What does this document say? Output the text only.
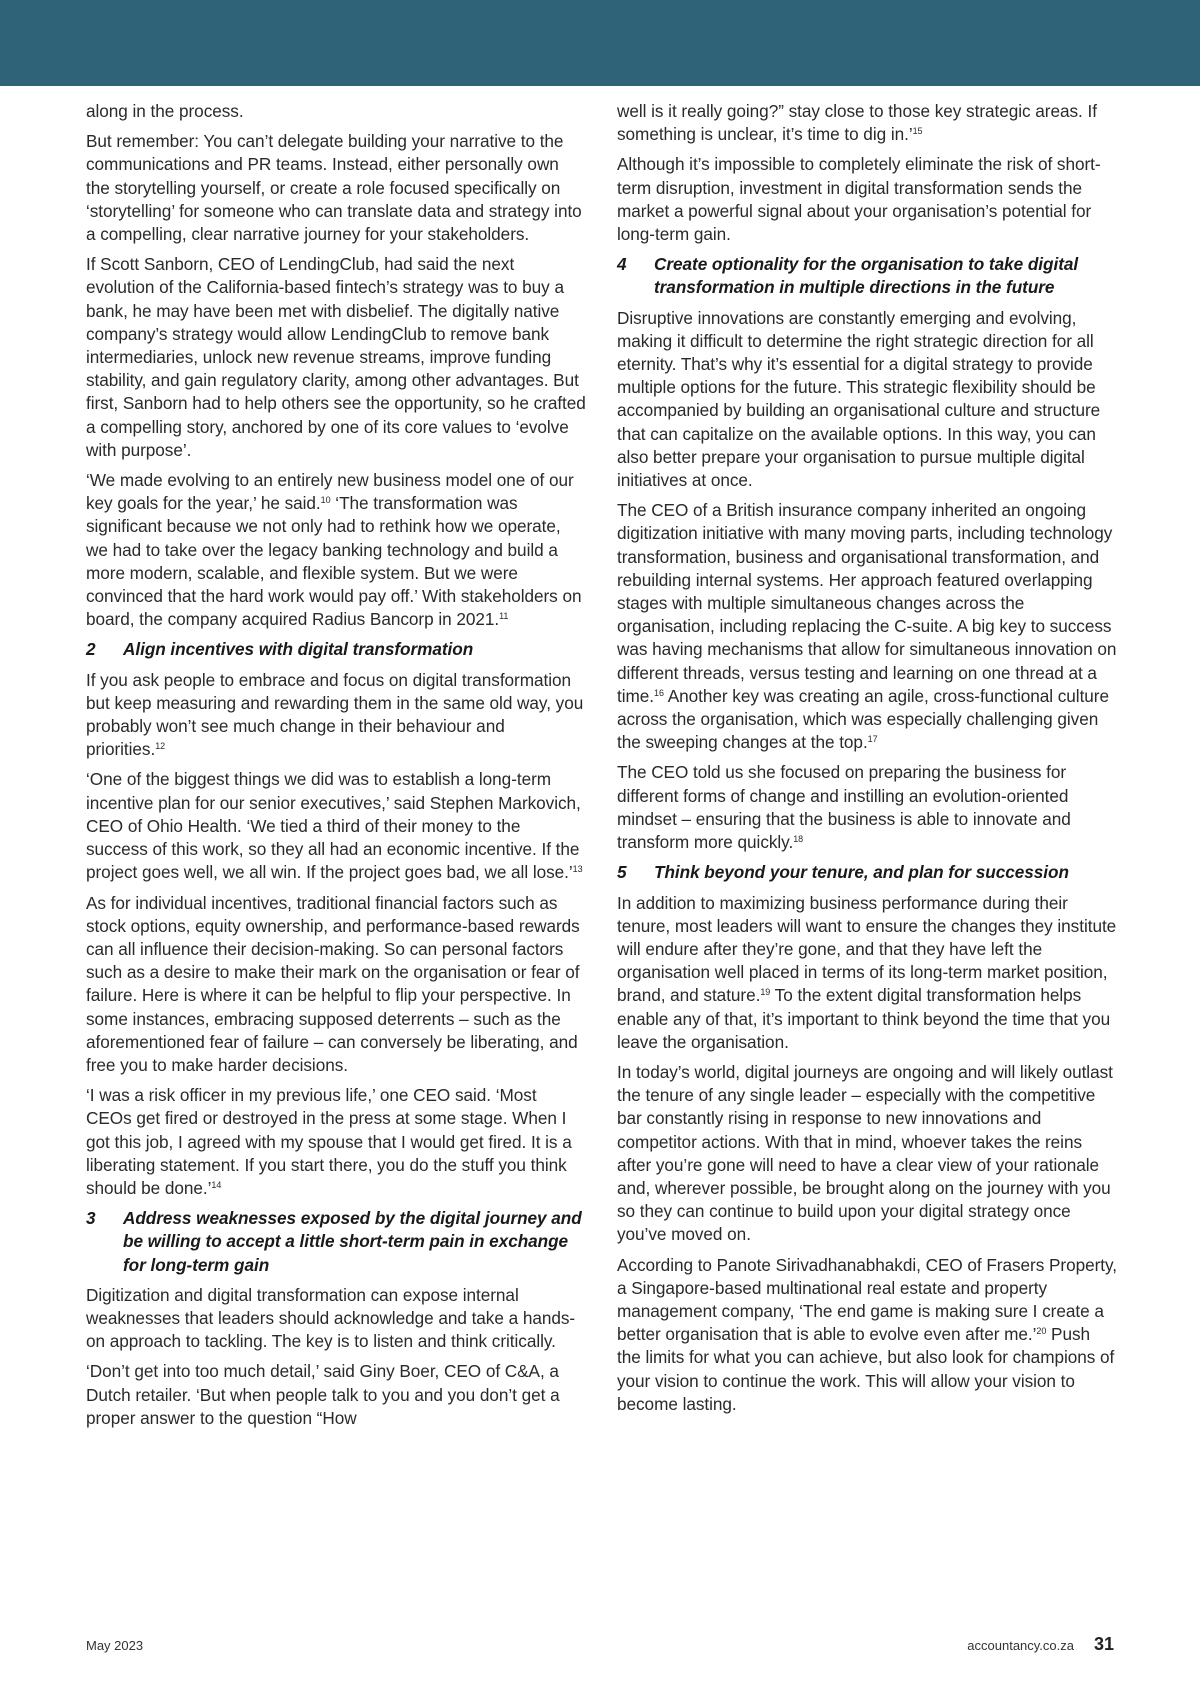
along in the process.

But remember: You can’t delegate building your narrative to the communications and PR teams. Instead, either personally own the storytelling yourself, or create a role focused specifically on ‘storytelling’ for someone who can translate data and strategy into a compelling, clear narrative journey for your stakeholders.

If Scott Sanborn, CEO of LendingClub, had said the next evolution of the California-based fintech’s strategy was to buy a bank, he may have been met with disbelief. The digitally native company’s strategy would allow LendingClub to remove bank intermediaries, unlock new revenue streams, improve funding stability, and gain regulatory clarity, among other advantages. But first, Sanborn had to help others see the opportunity, so he crafted a compelling story, anchored by one of its core values to ‘evolve with purpose’.

‘We made evolving to an entirely new business model one of our key goals for the year,’ he said.$^{10}$ ‘The transformation was significant because we not only had to rethink how we operate, we had to take over the legacy banking technology and build a more modern, scalable, and flexible system. But we were convinced that the hard work would pay off.’ With stakeholders on board, the company acquired Radius Bancorp in 2021.11

2	Align incentives with digital transformation

If you ask people to embrace and focus on digital transformation but keep measuring and rewarding them in the same old way, you probably won’t see much change in their behaviour and priorities.$^{12}$

‘One of the biggest things we did was to establish a long-term incentive plan for our senior executives,’ said Stephen Markovich, CEO of Ohio Health. ‘We tied a third of their money to the success of this work, so they all had an economic incentive. If the project goes well, we all win. If the project goes bad, we all lose.’$^{13}$

As for individual incentives, traditional financial factors such as stock options, equity ownership, and performance-based rewards can all influence their decision-making. So can personal factors such as a desire to make their mark on the organisation or fear of failure. Here is where it can be helpful to flip your perspective. In some instances, embracing supposed deterrents – such as the aforementioned fear of failure – can conversely be liberating, and free you to make harder decisions.

‘I was a risk officer in my previous life,’ one CEO said. ‘Most CEOs get fired or destroyed in the press at some stage. When I got this job, I agreed with my spouse that I would get fired. It is a liberating statement. If you start there, you do the stuff you think should be done.’$^{14}$

3	Address weaknesses exposed by the digital journey and be willing to accept a little short-term pain in exchange for long-term gain

Digitization and digital transformation can expose internal weaknesses that leaders should acknowledge and take a hands-on approach to tackling. The key is to listen and think critically.

‘Don’t get into too much detail,’ said Giny Boer, CEO of C&A, a Dutch retailer. ‘But when people talk to you and you don’t get a proper answer to the question “How

well is it really going?” stay close to those key strategic areas. If something is unclear, it’s time to dig in.’$^{15}$

Although it’s impossible to completely eliminate the risk of short-term disruption, investment in digital transformation sends the market a powerful signal about your organisation’s potential for long-term gain.

4	Create optionality for the organisation to take digital transformation in multiple directions in the future

Disruptive innovations are constantly emerging and evolving, making it difficult to determine the right strategic direction for all eternity. That’s why it’s essential for a digital strategy to provide multiple options for the future. This strategic flexibility should be accompanied by building an organisational culture and structure that can capitalize on the available options. In this way, you can also better prepare your organisation to pursue multiple digital initiatives at once.

The CEO of a British insurance company inherited an ongoing digitization initiative with many moving parts, including technology transformation, business and organisational transformation, and rebuilding internal systems. Her approach featured overlapping stages with multiple simultaneous changes across the organisation, including replacing the C-suite. A big key to success was having mechanisms that allow for simultaneous innovation on different threads, versus testing and learning on one thread at a time.$^{16}$ Another key was creating an agile, cross-functional culture across the organisation, which was especially challenging given the sweeping changes at the top.$^{17}$

The CEO told us she focused on preparing the business for different forms of change and instilling an evolution-oriented mindset – ensuring that the business is able to innovate and transform more quickly.$^{18}$

5	Think beyond your tenure, and plan for succession

In addition to maximizing business performance during their tenure, most leaders will want to ensure the changes they institute will endure after they’re gone, and that they have left the organisation well placed in terms of its long-term market position, brand, and stature.$^{19}$ To the extent digital transformation helps enable any of that, it’s important to think beyond the time that you leave the organisation.

In today’s world, digital journeys are ongoing and will likely outlast the tenure of any single leader – especially with the competitive bar constantly rising in response to new innovations and competitor actions. With that in mind, whoever takes the reins after you’re gone will need to have a clear view of your rationale and, wherever possible, be brought along on the journey with you so they can continue to build upon your digital strategy once you’ve moved on.

According to Panote Sirivadhanabhakdi, CEO of Frasers Property, a Singapore-based multinational real estate and property management company, ‘The end game is making sure I create a better organisation that is able to evolve even after me.’$^{20}$ Push the limits for what you can achieve, but also look for champions of your vision to continue the work. This will allow your vision to become lasting.

May 2023	accountancy.co.za 31
